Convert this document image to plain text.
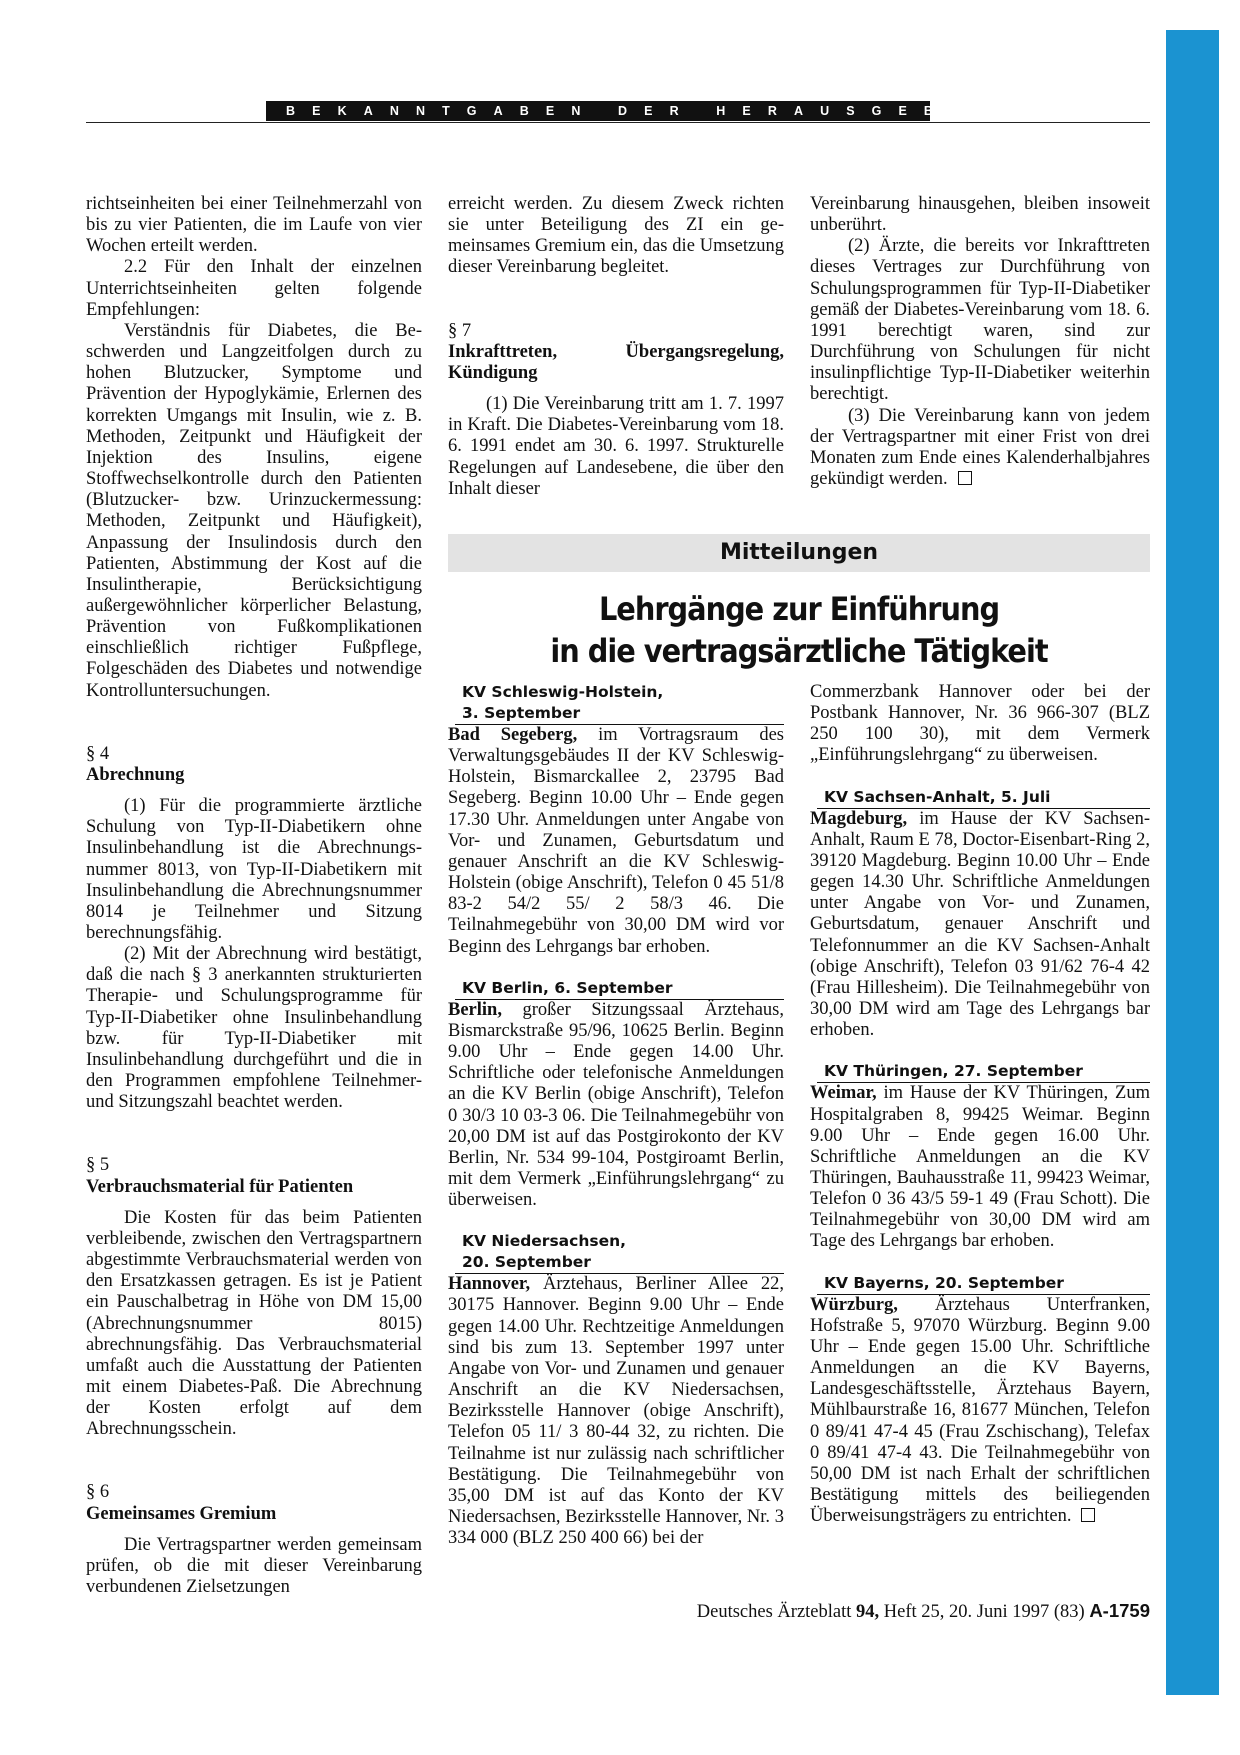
BEKANNTGABEN DER HERAUSGEBER

richtseinheiten bei einer Teilnehmerzahl von bis zu vier Patienten, die im Laufe von vier Wochen erteilt werden.

2.2 Für den Inhalt der einzelnen Unterrichtseinheiten gelten folgende Empfehlungen:

Verständnis für Diabetes, die Beschwerden und Langzeitfolgen durch zu hohen Blutzucker, Symptome und Prävention der Hypoglykämie, Erlernen des korrekten Umgangs mit Insulin, wie z. B. Methoden, Zeitpunkt und Häufigkeit der Injektion des Insulins, eigene Stoffwechselkontrolle durch den Patienten (Blutzucker- bzw. Urinzuckermessung: Methoden, Zeitpunkt und Häufigkeit), Anpassung der Insulindosis durch den Patienten, Abstimmung der Kost auf die Insulintherapie, Berücksichtigung außergewöhnlicher körperlicher Belastung, Prävention von Fußkomplikationen einschließlich richtiger Fußpflege, Folgeschäden des Diabetes und notwendige Kontrolluntersuchungen.

§ 4

Abrechnung

(1) Für die programmierte ärztliche Schulung von Typ-II-Diabetikern ohne Insulinbehandlung ist die Abrechnungsnummer 8013, von Typ-II-Diabetikern mit Insulinbehandlung die Abrechnungsnummer 8014 je Teilnehmer und Sitzung berechnungsfähig.

(2) Mit der Abrechnung wird bestätigt, daß die nach § 3 anerkannten strukturierten Therapie- und Schulungsprogramme für Typ-II-Diabetiker ohne Insulinbehandlung bzw. für Typ-II-Diabetiker mit Insulinbehandlung durchgeführt und die in den Programmen empfohlene Teilnehmer- und Sitzungszahl beachtet werden.

§ 5

Verbrauchsmaterial für Patienten

Die Kosten für das beim Patienten verbleibende, zwischen den Vertragspartnern abgestimmte Verbrauchsmaterial werden von den Ersatzkassen getragen. Es ist je Patient ein Pauschalbetrag in Höhe von DM 15,00 (Abrechnungsnummer 8015) abrechnungsfähig. Das Verbrauchsmaterial umfaßt auch die Ausstattung der Patienten mit einem Diabetes-Paß. Die Abrechnung der Kosten erfolgt auf dem Abrechnungsschein.

§ 6

Gemeinsames Gremium

Die Vertragspartner werden gemeinsam prüfen, ob die mit dieser Vereinbarung verbundenen Zielsetzungen

erreicht werden. Zu diesem Zweck richten sie unter Beteiligung des ZI ein gemeinsames Gremium ein, das die Umsetzung dieser Vereinbarung begleitet.

§ 7

Inkrafttreten, Übergangsregelung, Kündigung

(1) Die Vereinbarung tritt am 1. 7. 1997 in Kraft. Die Diabetes-Vereinbarung vom 18. 6. 1991 endet am 30. 6. 1997. Strukturelle Regelungen auf Landesebene, die über den Inhalt dieser

Vereinbarung hinausgehen, bleiben insoweit unberührt.

(2) Ärzte, die bereits vor Inkrafttreten dieses Vertrages zur Durchführung von Schulungsprogrammen für Typ-II-Diabetiker gemäß der Diabetes-Vereinbarung vom 18. 6. 1991 berechtigt waren, sind zur Durchführung von Schulungen für nicht insulinpflichtige Typ-II-Diabetiker weiterhin berechtigt.

(3) Die Vereinbarung kann von jedem der Vertragspartner mit einer Frist von drei Monaten zum Ende eines Kalenderhalbjahres gekündigt werden.

Mitteilungen
Lehrgänge zur Einführung
in die vertragsärztliche Tätigkeit
KV Schleswig-Holstein,
3. September

Bad Segeberg, im Vortragsraum des Verwaltungsgebäudes II der KV Schleswig-Holstein, Bismarckallee 2, 23795 Bad Segeberg. Beginn 10.00 Uhr – Ende gegen 17.30 Uhr. Anmeldungen unter Angabe von Vor- und Zunamen, Geburtsdatum und genauer Anschrift an die KV Schleswig-Holstein (obige Anschrift), Telefon 0 45 51/8 83-2 54/2 55/ 2 58/3 46. Die Teilnahmegebühr von 30,00 DM wird vor Beginn des Lehrgangs bar erhoben.

KV Berlin, 6. September

Berlin, großer Sitzungssaal Ärztehaus, Bismarckstraße 95/96, 10625 Berlin. Beginn 9.00 Uhr – Ende gegen 14.00 Uhr. Schriftliche oder telefonische Anmeldungen an die KV Berlin (obige Anschrift), Telefon 0 30/3 10 03-3 06. Die Teilnahmegebühr von 20,00 DM ist auf das Postgirokonto der KV Berlin, Nr. 534 99-104, Postgiroamt Berlin, mit dem Vermerk „Einführungslehrgang“ zu überweisen.

KV Niedersachsen,
20. September

Hannover, Ärztehaus, Berliner Allee 22, 30175 Hannover. Beginn 9.00 Uhr – Ende gegen 14.00 Uhr. Rechtzeitige Anmeldungen sind bis zum 13. September 1997 unter Angabe von Vor- und Zunamen und genauer Anschrift an die KV Niedersachsen, Bezirksstelle Hannover (obige Anschrift), Telefon 05 11/ 3 80-44 32, zu richten. Die Teilnahme ist nur zulässig nach schriftlicher Bestätigung. Die Teilnahmegebühr von 35,00 DM ist auf das Konto der KV Niedersachsen, Bezirksstelle Hannover, Nr. 3 334 000 (BLZ 250 400 66) bei der

Commerzbank Hannover oder bei der Postbank Hannover, Nr. 36 966-307 (BLZ 250 100 30), mit dem Vermerk „Einführungslehrgang“ zu überweisen.

KV Sachsen-Anhalt, 5. Juli

Magdeburg, im Hause der KV Sachsen-Anhalt, Raum E 78, Doctor-Eisenbart-Ring 2, 39120 Magdeburg. Beginn 10.00 Uhr – Ende gegen 14.30 Uhr. Schriftliche Anmeldungen unter Angabe von Vor- und Zunamen, Geburtsdatum, genauer Anschrift und Telefonnummer an die KV Sachsen-Anhalt (obige Anschrift), Telefon 03 91/62 76-4 42 (Frau Hillesheim). Die Teilnahmegebühr von 30,00 DM wird am Tage des Lehrgangs bar erhoben.

KV Thüringen, 27. September

Weimar, im Hause der KV Thüringen, Zum Hospitalgraben 8, 99425 Weimar. Beginn 9.00 Uhr – Ende gegen 16.00 Uhr. Schriftliche Anmeldungen an die KV Thüringen, Bauhausstraße 11, 99423 Weimar, Telefon 0 36 43/5 59-1 49 (Frau Schott). Die Teilnahmegebühr von 30,00 DM wird am Tage des Lehrgangs bar erhoben.

KV Bayerns, 20. September

Würzburg, Ärztehaus Unterfranken, Hofstraße 5, 97070 Würzburg. Beginn 9.00 Uhr – Ende gegen 15.00 Uhr. Schriftliche Anmeldungen an die KV Bayerns, Landesgeschäftsstelle, Ärztehaus Bayern, Mühlbaurstraße 16, 81677 München, Telefon 0 89/41 47-4 45 (Frau Zschischang), Telefax 0 89/41 47-4 43. Die Teilnahmegebühr von 50,00 DM ist nach Erhalt der schriftlichen Bestätigung mittels des beiliegenden Überweisungsträgers zu entrichten.

Deutsches Ärzteblatt 94, Heft 25, 20. Juni 1997 (83) A-1759
